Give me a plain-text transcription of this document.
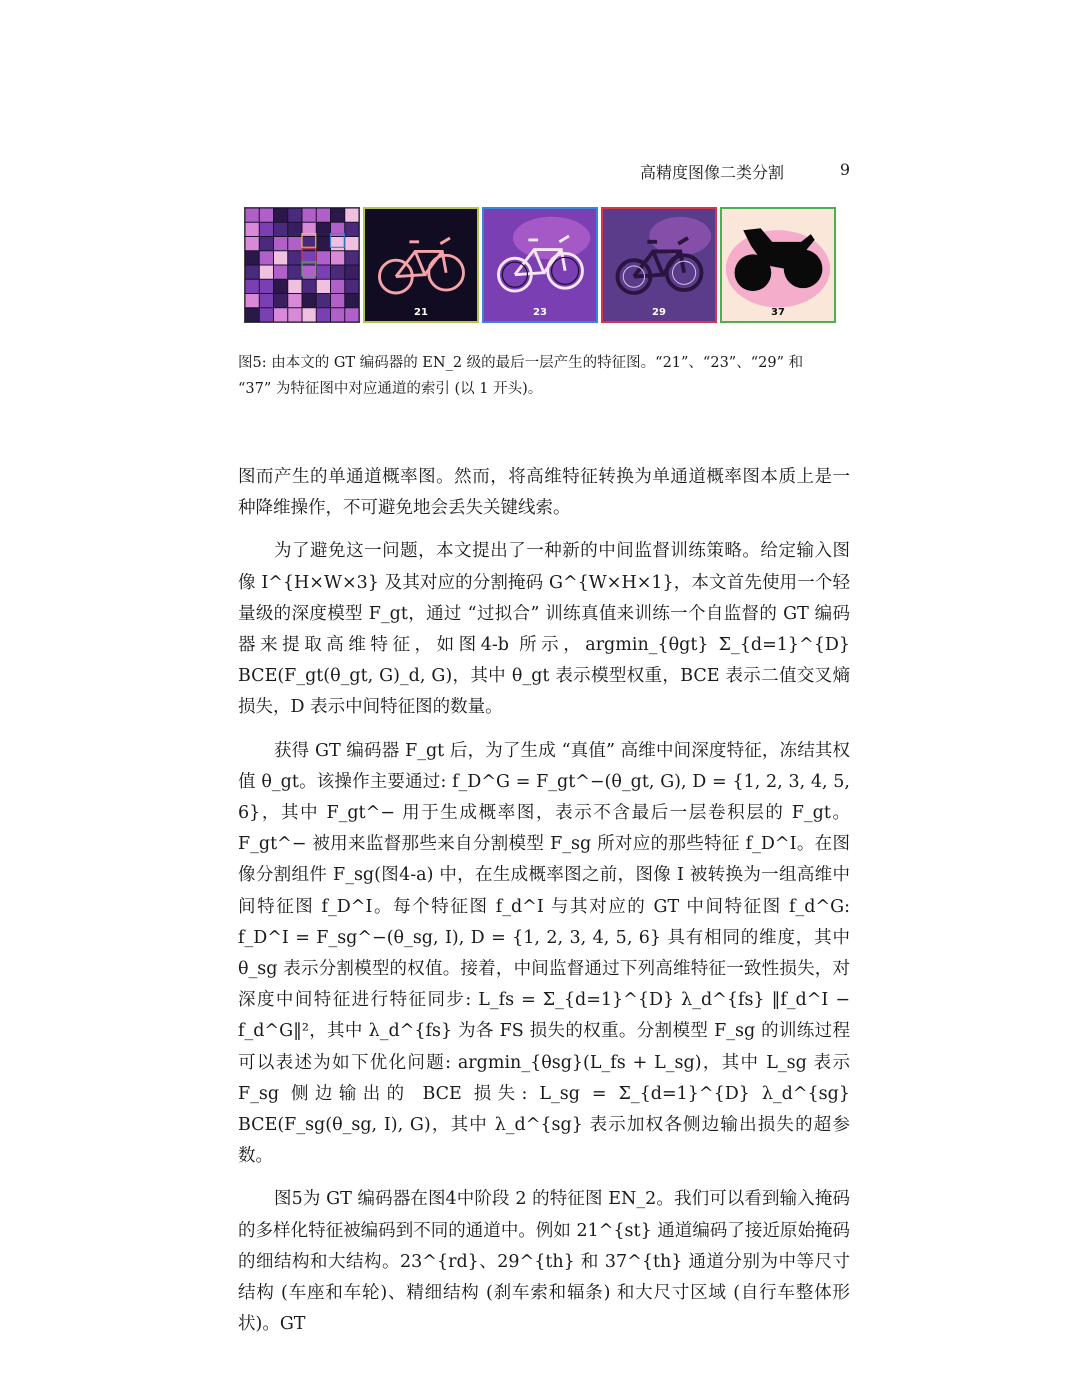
高精度图像二类分割	9
21	23	29	37
图5: 由本文的 GT 编码器的 EN_2 级的最后一层产生的特征图。“21”、“23”、“29” 和
“37” 为特征图中对应通道的索引 (以 1 开头)。

图而产生的单通道概率图。然而，将高维特征转换为单通道概率图本质上是一种降维操作，不可避免地会丢失关键线索。

为了避免这一问题，本文提出了一种新的中间监督训练策略。给定输入图像 I^{H×W×3} 及其对应的分割掩码 G^{W×H×1}，本文首先使用一个轻量级的深度模型 F_gt，通过 “过拟合” 训练真值来训练一个自监督的 GT 编码器来提取高维特征，如图4-b 所示，argmin_{θgt} Σ_{d=1}^{D} BCE(F_gt(θ_gt, G)_d, G)，其中 θ_gt 表示模型权重，BCE 表示二值交叉熵损失，D 表示中间特征图的数量。

获得 GT 编码器 F_gt 后，为了生成 “真值” 高维中间深度特征，冻结其权值 θ_gt。该操作主要通过: f_D^G = F_gt^−(θ_gt, G), D = {1, 2, 3, 4, 5, 6}，其中 F_gt^− 用于生成概率图，表示不含最后一层卷积层的 F_gt。F_gt^− 被用来监督那些来自分割模型 F_sg 所对应的那些特征 f_D^I。在图像分割组件 F_sg(图4-a) 中，在生成概率图之前，图像 I 被转换为一组高维中间特征图 f_D^I。每个特征图 f_d^I 与其对应的 GT 中间特征图 f_d^G: f_D^I = F_sg^−(θ_sg, I), D = {1, 2, 3, 4, 5, 6} 具有相同的维度，其中 θ_sg 表示分割模型的权值。接着，中间监督通过下列高维特征一致性损失，对深度中间特征进行特征同步: L_fs = Σ_{d=1}^{D} λ_d^{fs} ‖f_d^I − f_d^G‖²，其中 λ_d^{fs} 为各 FS 损失的权重。分割模型 F_sg 的训练过程可以表述为如下优化问题: argmin_{θsg}(L_fs + L_sg)，其中 L_sg 表示 F_sg 侧边输出的 BCE 损失: L_sg = Σ_{d=1}^{D} λ_d^{sg} BCE(F_sg(θ_sg, I), G)，其中 λ_d^{sg} 表示加权各侧边输出损失的超参数。

图5为 GT 编码器在图4中阶段 2 的特征图 EN_2。我们可以看到输入掩码的多样化特征被编码到不同的通道中。例如 21^{st} 通道编码了接近原始掩码的细结构和大结构。23^{rd}、29^{th} 和 37^{th} 通道分别为中等尺寸结构 (车座和车轮)、精细结构 (刹车索和辐条) 和大尺寸区域 (自行车整体形状)。GT
